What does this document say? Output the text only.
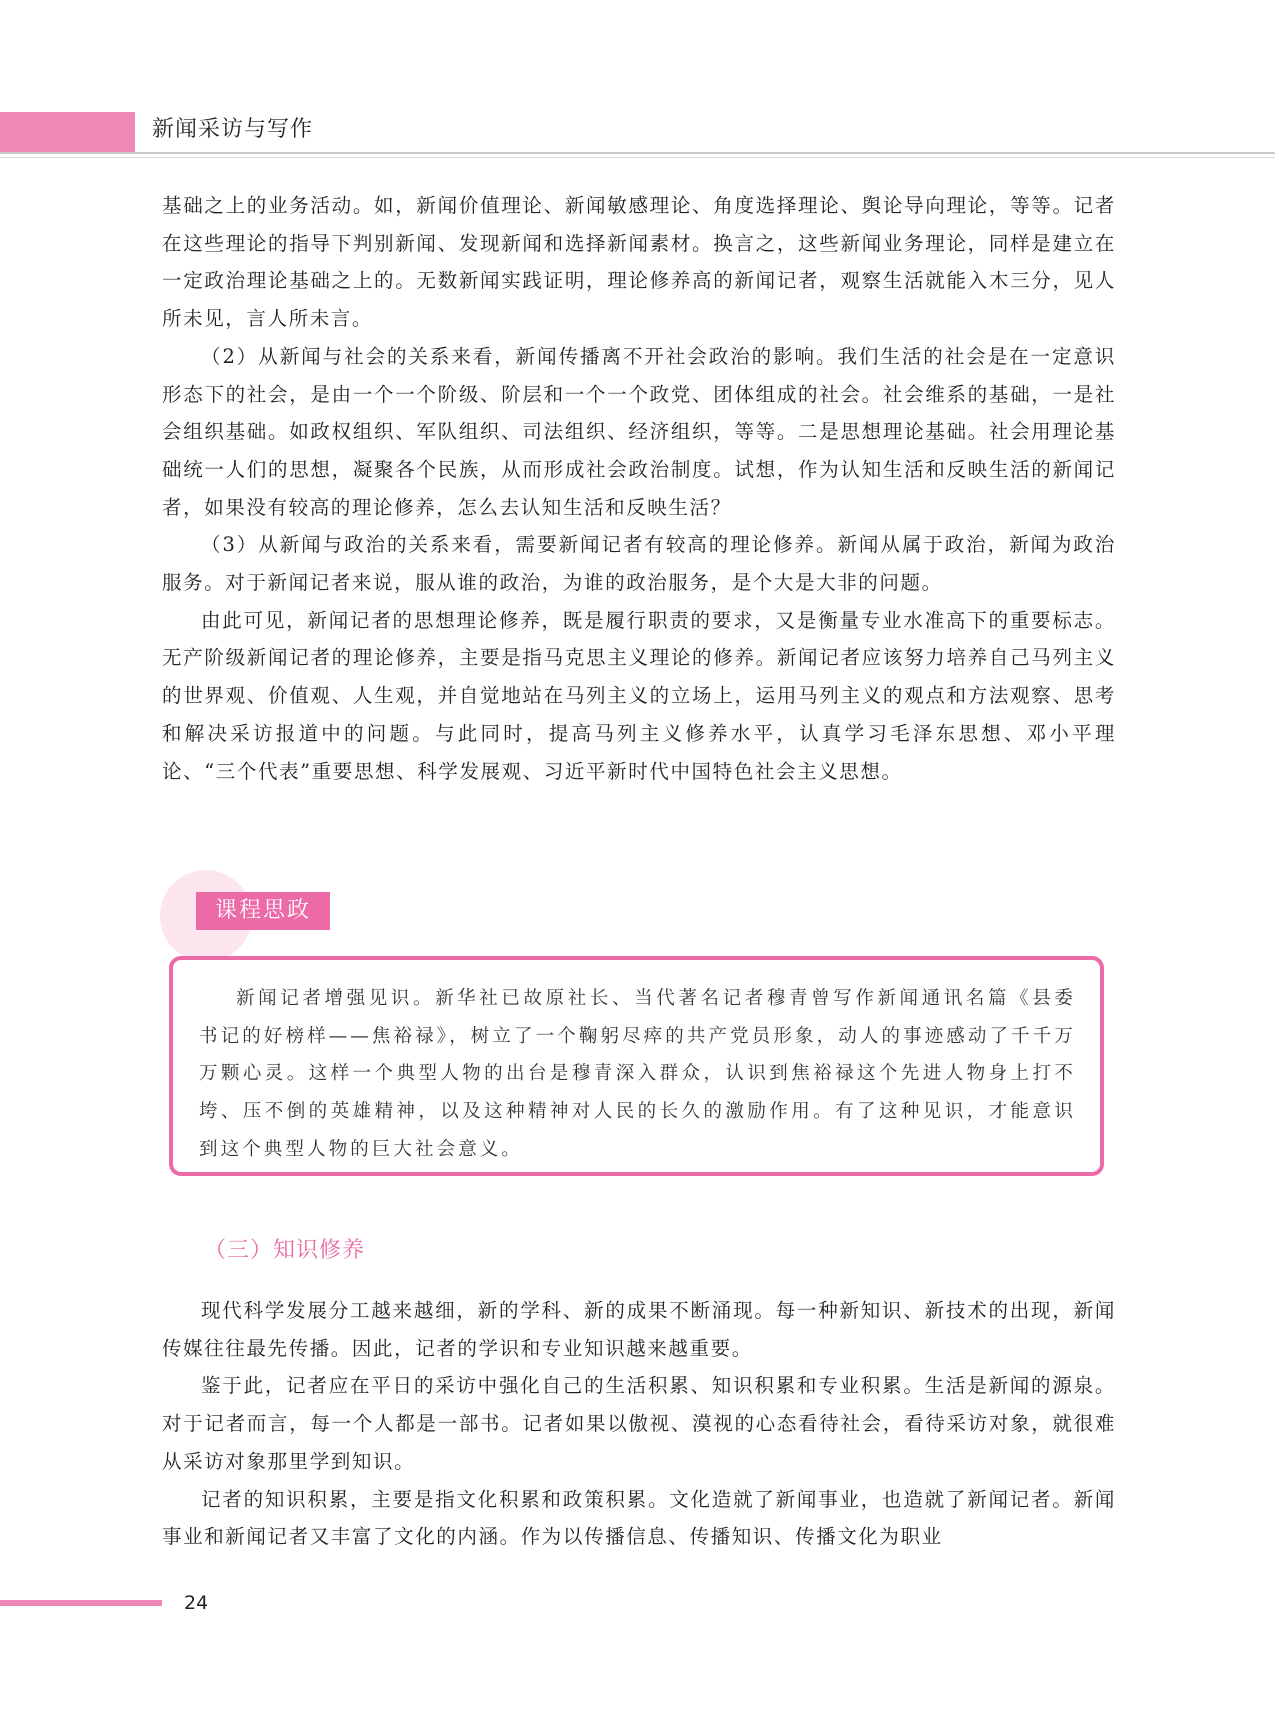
新闻采访与写作

基础之上的业务活动。如，新闻价值理论、新闻敏感理论、角度选择理论、舆论导向理论，等等。记者在这些理论的指导下判别新闻、发现新闻和选择新闻素材。换言之，这些新闻业务理论，同样是建立在一定政治理论基础之上的。无数新闻实践证明，理论修养高的新闻记者，观察生活就能入木三分，见人所未见，言人所未言。

（2）从新闻与社会的关系来看，新闻传播离不开社会政治的影响。我们生活的社会是在一定意识形态下的社会，是由一个一个阶级、阶层和一个一个政党、团体组成的社会。社会维系的基础，一是社会组织基础。如政权组织、军队组织、司法组织、经济组织，等等。二是思想理论基础。社会用理论基础统一人们的思想，凝聚各个民族，从而形成社会政治制度。试想，作为认知生活和反映生活的新闻记者，如果没有较高的理论修养，怎么去认知生活和反映生活？

（3）从新闻与政治的关系来看，需要新闻记者有较高的理论修养。新闻从属于政治，新闻为政治服务。对于新闻记者来说，服从谁的政治，为谁的政治服务，是个大是大非的问题。

由此可见，新闻记者的思想理论修养，既是履行职责的要求，又是衡量专业水准高下的重要标志。无产阶级新闻记者的理论修养，主要是指马克思主义理论的修养。新闻记者应该努力培养自己马列主义的世界观、价值观、人生观，并自觉地站在马列主义的立场上，运用马列主义的观点和方法观察、思考和解决采访报道中的问题。与此同时，提高马列主义修养水平，认真学习毛泽东思想、邓小平理论、“三个代表”重要思想、科学发展观、习近平新时代中国特色社会主义思想。

课程思政

新闻记者增强见识。新华社已故原社长、当代著名记者穆青曾写作新闻通讯名篇《县委书记的好榜样——焦裕禄》，树立了一个鞠躬尽瘁的共产党员形象，动人的事迹感动了千千万万颗心灵。这样一个典型人物的出台是穆青深入群众，认识到焦裕禄这个先进人物身上打不垮、压不倒的英雄精神，以及这种精神对人民的长久的激励作用。有了这种见识，才能意识到这个典型人物的巨大社会意义。

（三）知识修养

现代科学发展分工越来越细，新的学科、新的成果不断涌现。每一种新知识、新技术的出现，新闻传媒往往最先传播。因此，记者的学识和专业知识越来越重要。

鉴于此，记者应在平日的采访中强化自己的生活积累、知识积累和专业积累。生活是新闻的源泉。对于记者而言，每一个人都是一部书。记者如果以傲视、漠视的心态看待社会，看待采访对象，就很难从采访对象那里学到知识。

记者的知识积累，主要是指文化积累和政策积累。文化造就了新闻事业，也造就了新闻记者。新闻事业和新闻记者又丰富了文化的内涵。作为以传播信息、传播知识、传播文化为职业

24
